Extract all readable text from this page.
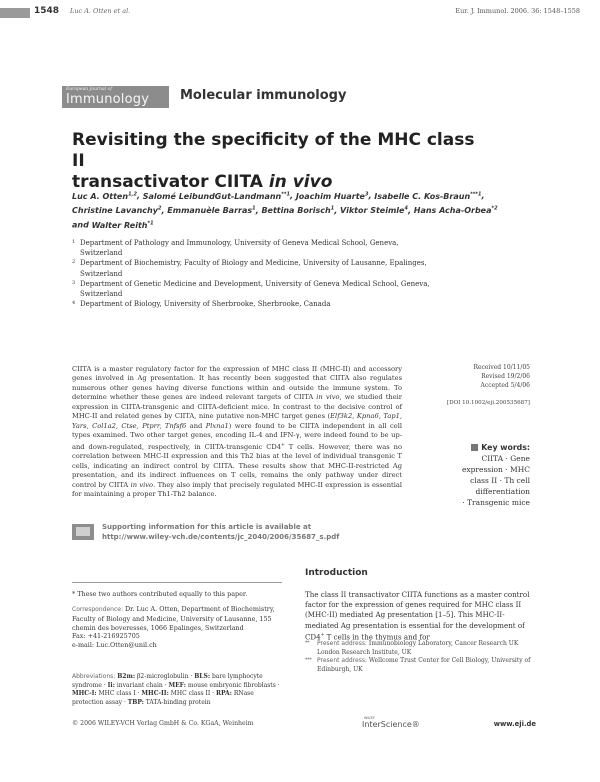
1548 Luc A. Otten et al.	Eur. J. Immunol. 2006. 36: 1548–1558
European Journal of
Immunology Molecular immunology
Revisiting the specificity of the MHC class II
transactivator CIITA in vivo
Luc A. Otten$^{1,2}$, Salomé LeibundGut-Landmann$^{**1}$, Joachim Huarte$^3$, Isabelle C. Kos-Braun$^{***1}$, Christine Lavanchy$^2$, Emmanuèle Barras$^1$, Bettina Borisch$^1$, Viktor Steimle$^4$, Hans Acha-Orbea$^{*2}$ and Walter Reith$^{*1}$
1 Department of Pathology and Immunology, University of Geneva Medical School, Geneva, Switzerland
2 Department of Biochemistry, Faculty of Biology and Medicine, University of Lausanne, Epalinges, Switzerland
3 Department of Genetic Medicine and Development, University of Geneva Medical School, Geneva, Switzerland
4 Department of Biology, University of Sherbrooke, Sherbrooke, Canada
CIITA is a master regulatory factor for the expression of MHC class II (MHC-II) and accessory genes involved in Ag presentation. It has recently been suggested that CIITA also regulates numerous other genes having diverse functions within and outside the immune system. To determine whether these genes are indeed relevant targets of CIITA in vivo, we studied their expression in CIITA-transgenic and CIITA-deficient mice. In contrast to the decisive control of MHC-II and related genes by CIITA, nine putative non-MHC target genes (Elf3k2, Kpna6, Tap1, Yars, Col1a2, Ctse, Ptprr, Tnfsf6 and Plxna1) were found to be CIITA independent in all cell types examined. Two other target genes, encoding IL-4 and IFN-γ, were indeed found to be up- and down-regulated, respectively, in CIITA-transgenic CD4+ T cells. However, there was no correlation between MHC-II expression and this Th2 bias at the level of individual transgenic T cells, indicating an indirect control by CIITA. These results show that MHC-II-restricted Ag presentation, and its indirect influences on T cells, remains the only pathway under direct control by CIITA in vivo. They also imply that precisely regulated MHC-II expression is essential for maintaining a proper Th1-Th2 balance.
Received 10/11/05
Revised 19/2/06
Accepted 5/4/06
[DOI 10.1002/eji.200535687]
Key words:
CIITA · Gene
expression · MHC
class II · Th cell
differentiation
· Transgenic mice
Supporting information for this article is available at
http://www.wiley-vch.de/contents/jc_2040/2006/35687_s.pdf
* These two authors contributed equally to this paper.
Correspondence: Dr. Luc A. Otten, Department of Biochemistry, Faculty of Biology and Medicine, University of Lausanne, 155 chemin des boveresses, 1066 Epalinges, Switzerland
Fax: +41-216925705
e-mail: Luc.Otten@unil.ch
Abbreviations: B2m: β2-microglobulin · BLS: bare lymphocyte syndrome · Ii: invariant chain · MEF: mouse embryonic fibroblasts · MHC-I: MHC class I · MHC-II: MHC class II · RPA: RNase protection assay · TBP: TATA-binding protein
Introduction
The class II transactivator CIITA functions as a master control factor for the expression of genes required for MHC class II (MHC-II) mediated Ag presentation [1–5]. This MHC-II-mediated Ag presentation is essential for the development of CD4+ T cells in the thymus and for
** Present address: Immunobiology Laboratory, Cancer Research UK London Research Institute, UK
*** Present address: Wellcome Trust Center for Cell Biology, University of Edinburgh, UK
© 2006 WILEY-VCH Verlag GmbH & Co. KGaA, Weinheim
WILEY
InterScience®	www.eji.de
